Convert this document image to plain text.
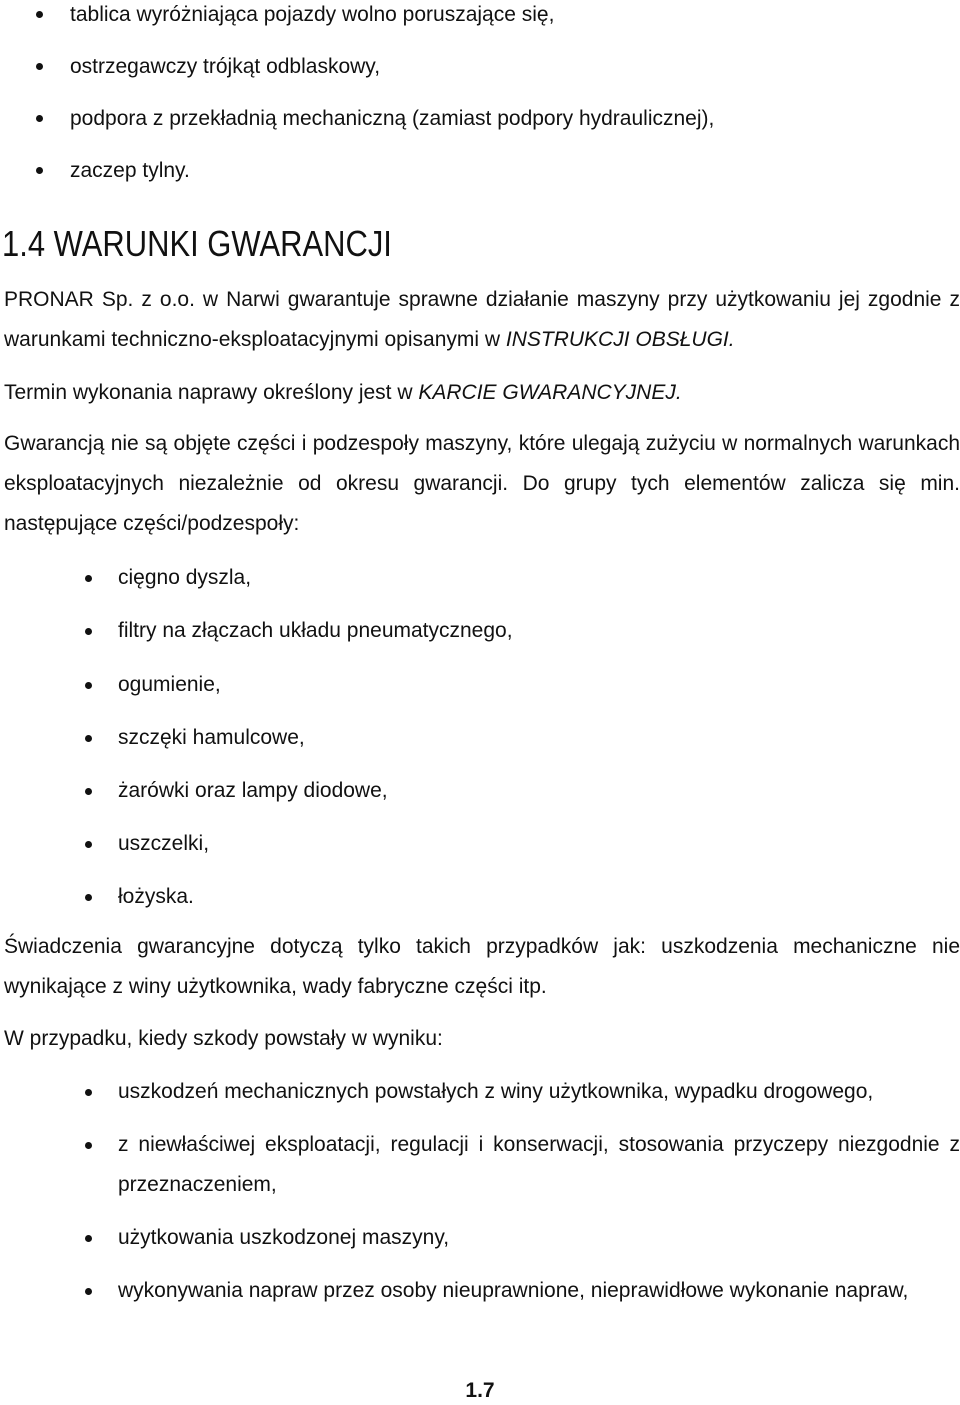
tablica wyróżniająca pojazdy wolno poruszające się,

ostrzegawczy trójkąt odblaskowy,

podpora z przekładnią mechaniczną (zamiast podpory hydraulicznej),

zaczep tylny.

1.4 WARUNKI GWARANCJI

PRONAR Sp. z o.o. w Narwi gwarantuje sprawne działanie maszyny przy użytkowaniu jej zgodnie z warunkami techniczno-eksploatacyjnymi opisanymi w INSTRUKCJI OBSŁUGI.

Termin wykonania naprawy określony jest w KARCIE GWARANCYJNEJ.

Gwarancją nie są objęte części i podzespoły maszyny, które ulegają zużyciu w normalnych warunkach eksploatacyjnych niezależnie od okresu gwarancji. Do grupy tych elementów zalicza się min. następujące części/podzespoły:

cięgno dyszla,

filtry na złączach układu pneumatycznego,

ogumienie,

szczęki hamulcowe,

żarówki oraz lampy diodowe,

uszczelki,

łożyska.

Świadczenia gwarancyjne dotyczą tylko takich przypadków jak: uszkodzenia mechaniczne nie wynikające z winy użytkownika, wady fabryczne części itp.

W przypadku, kiedy szkody powstały w wyniku:

uszkodzeń mechanicznych powstałych z winy użytkownika, wypadku drogowego,

z niewłaściwej eksploatacji, regulacji i konserwacji, stosowania przyczepy niezgodnie z przeznaczeniem,

użytkowania uszkodzonej maszyny,

wykonywania napraw przez osoby nieuprawnione, nieprawidłowe wykonanie napraw,

1.7
